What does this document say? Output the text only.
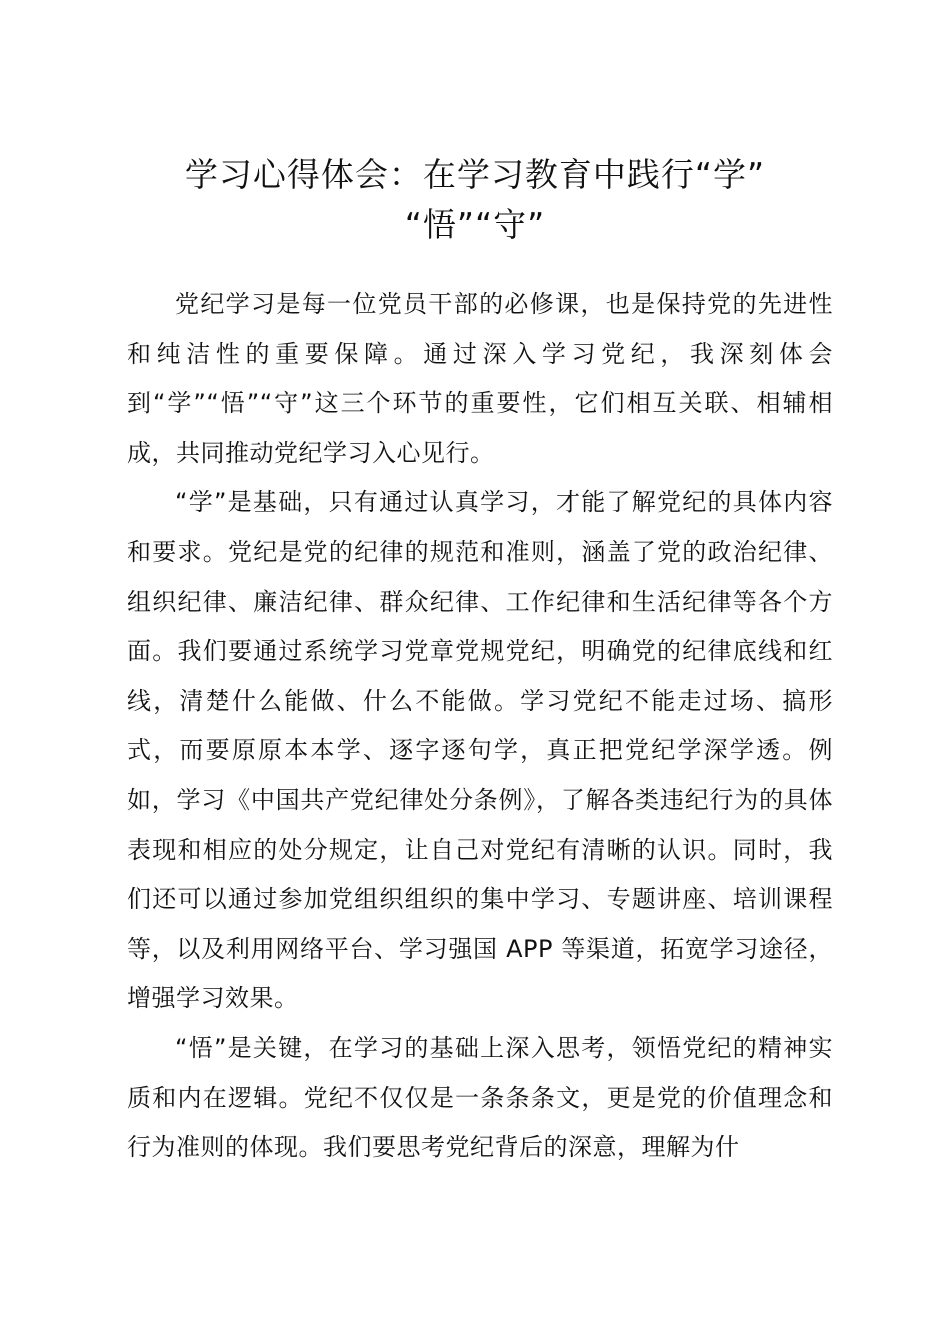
学习心得体会：在学习教育中践行“学”
“悟”“守”

党纪学习是每一位党员干部的必修课，也是保持党的先进性和纯洁性的重要保障。通过深入学习党纪，我深刻体会到“学”“悟”“守”这三个环节的重要性，它们相互关联、相辅相成，共同推动党纪学习入心见行。

“学”是基础，只有通过认真学习，才能了解党纪的具体内容和要求。党纪是党的纪律的规范和准则，涵盖了党的政治纪律、组织纪律、廉洁纪律、群众纪律、工作纪律和生活纪律等各个方面。我们要通过系统学习党章党规党纪，明确党的纪律底线和红线，清楚什么能做、什么不能做。学习党纪不能走过场、搞形式，而要原原本本学、逐字逐句学，真正把党纪学深学透。例如，学习《中国共产党纪律处分条例》，了解各类违纪行为的具体表现和相应的处分规定，让自己对党纪有清晰的认识。同时，我们还可以通过参加党组织组织的集中学习、专题讲座、培训课程等，以及利用网络平台、学习强国 APP 等渠道，拓宽学习途径，增强学习效果。

“悟”是关键，在学习的基础上深入思考，领悟党纪的精神实质和内在逻辑。党纪不仅仅是一条条条文，更是党的价值理念和行为准则的体现。我们要思考党纪背后的深意，理解为什
